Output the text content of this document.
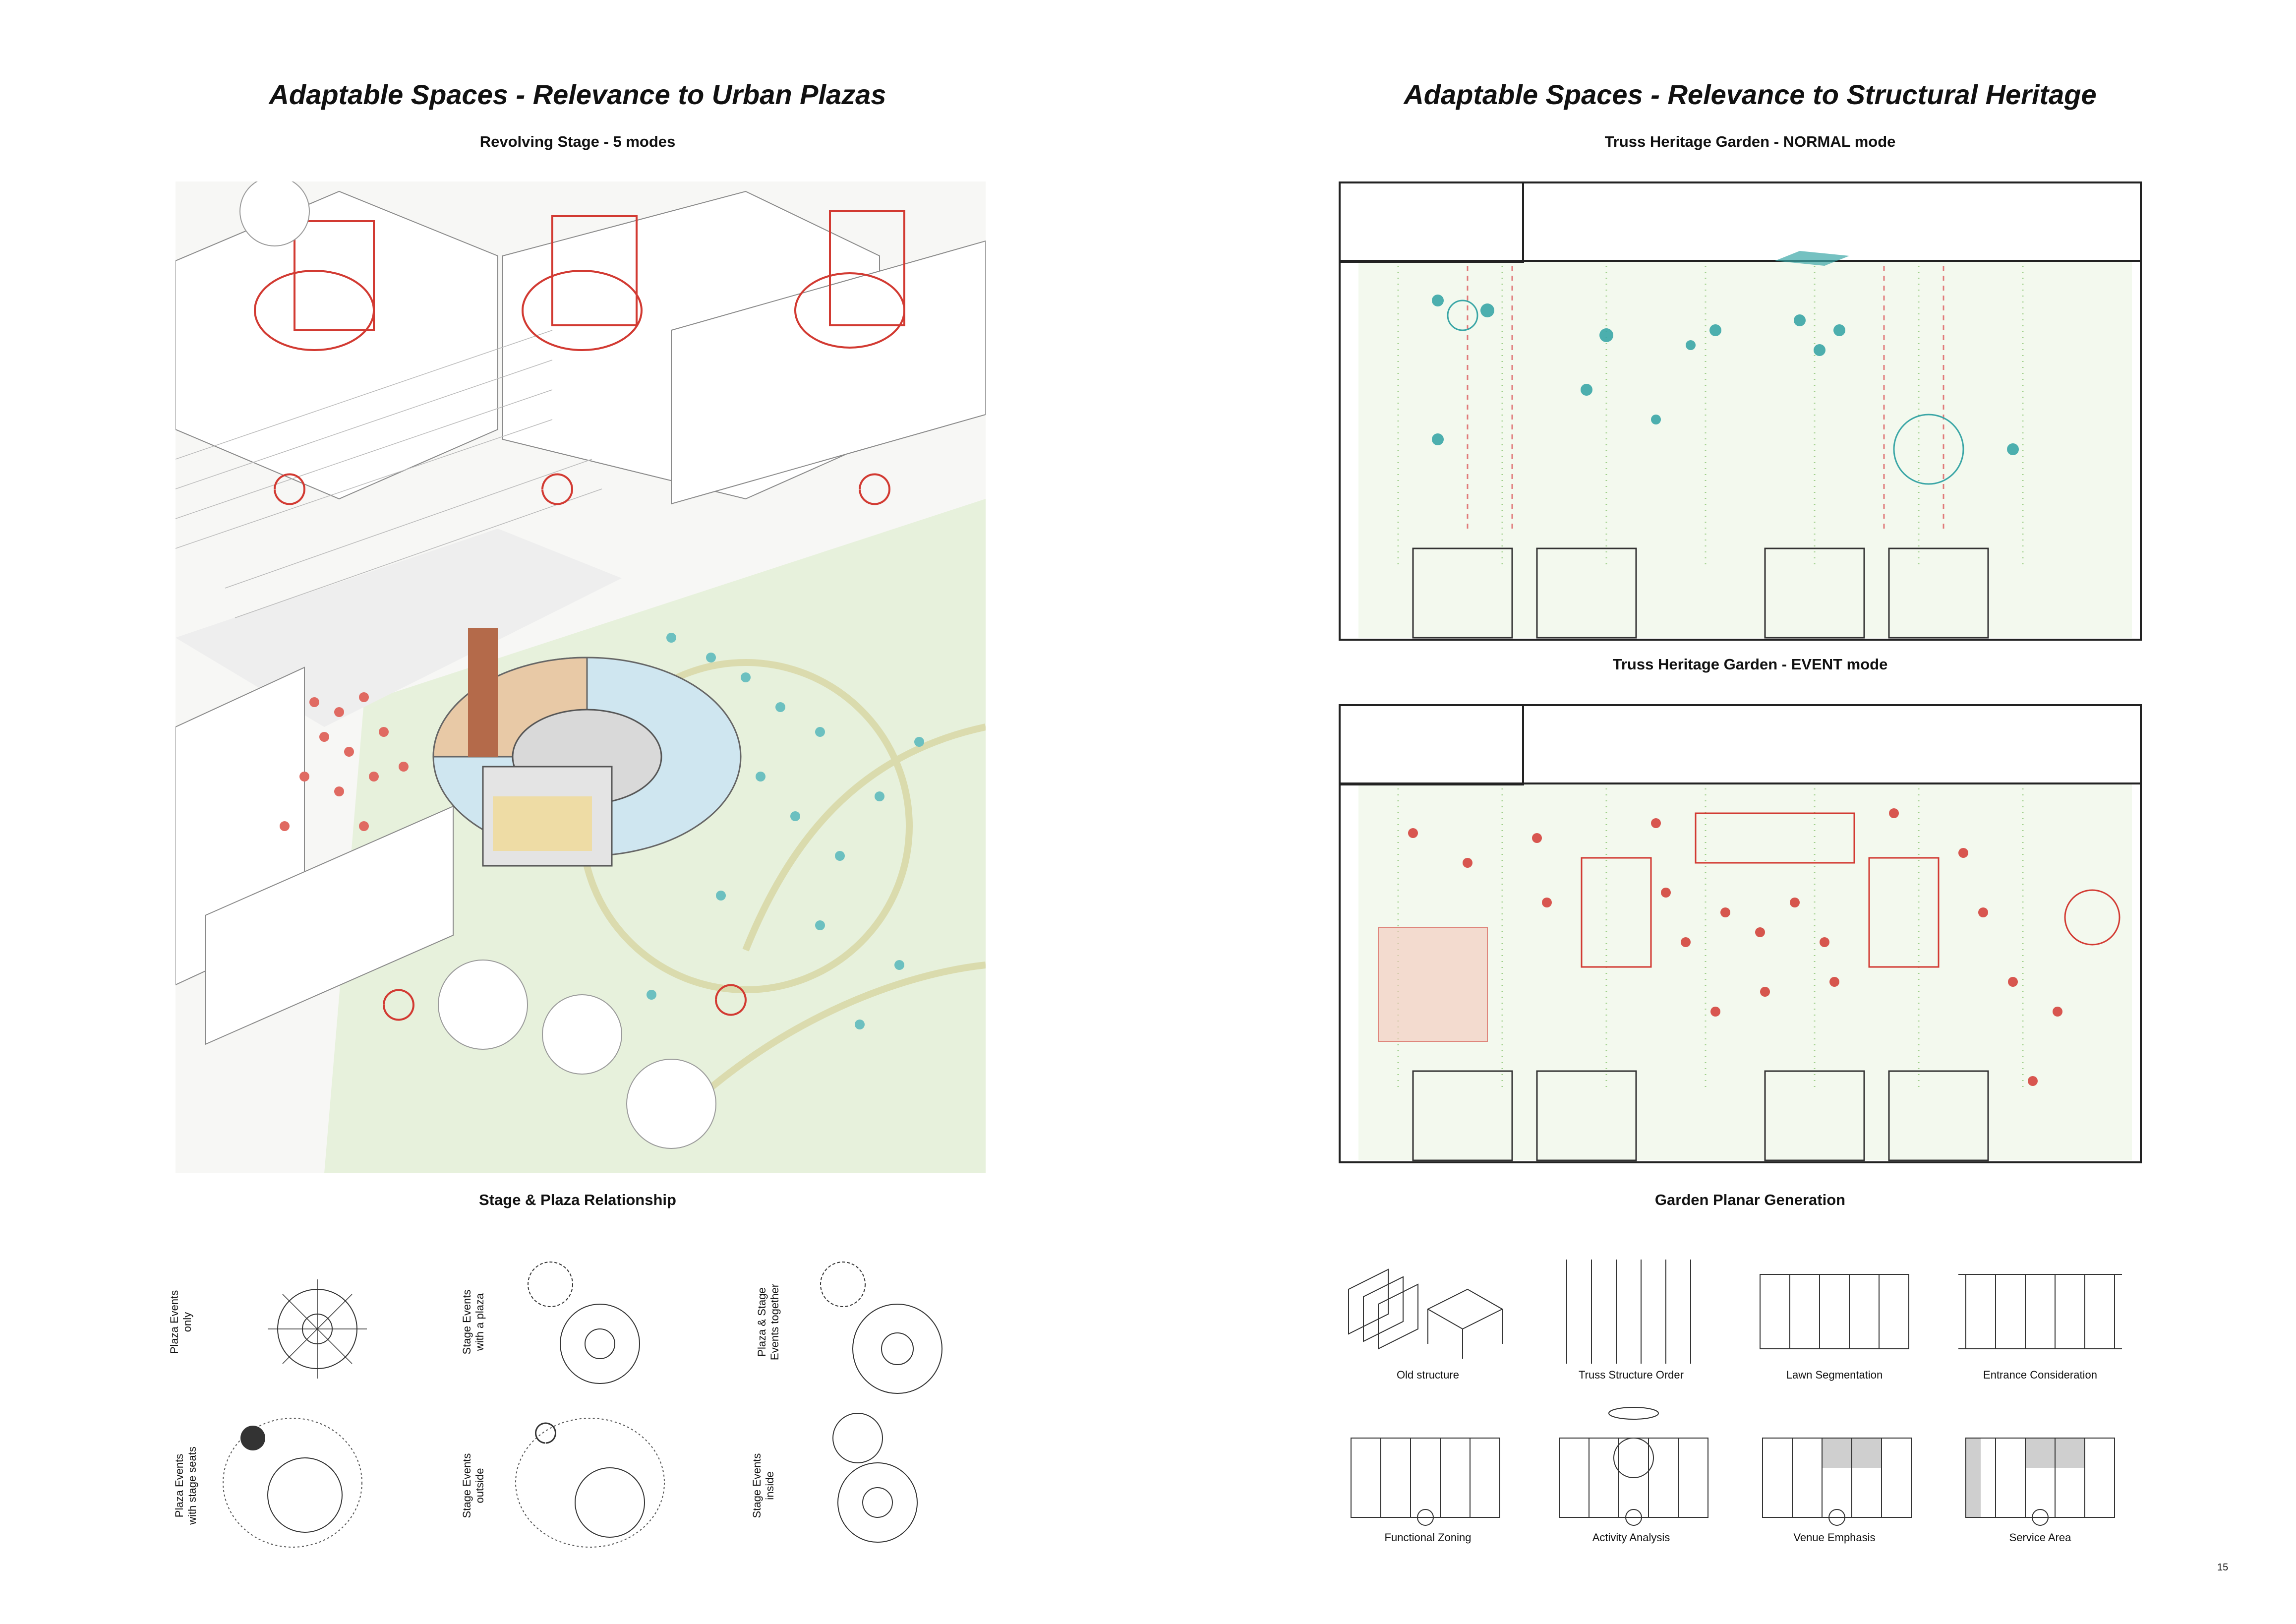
Adaptable Spaces - Relevance to Urban Plazas
Revolving Stage - 5 modes
Stage & Plaza Relationship
Plaza Events only	Stage Events with a plaza	Plaza & Stage Events together
Plaza Events with stage seats	Stage Events outside	Stage Events inside
Adaptable Spaces - Relevance to Structural Heritage
Truss Heritage Garden - NORMAL mode
Truss Heritage Garden - EVENT mode
Garden Planar Generation
Old structure	Truss Structure Order	Lawn Segmentation	Entrance Consideration
Functional Zoning	Activity Analysis	Venue Emphasis	Service Area
15
